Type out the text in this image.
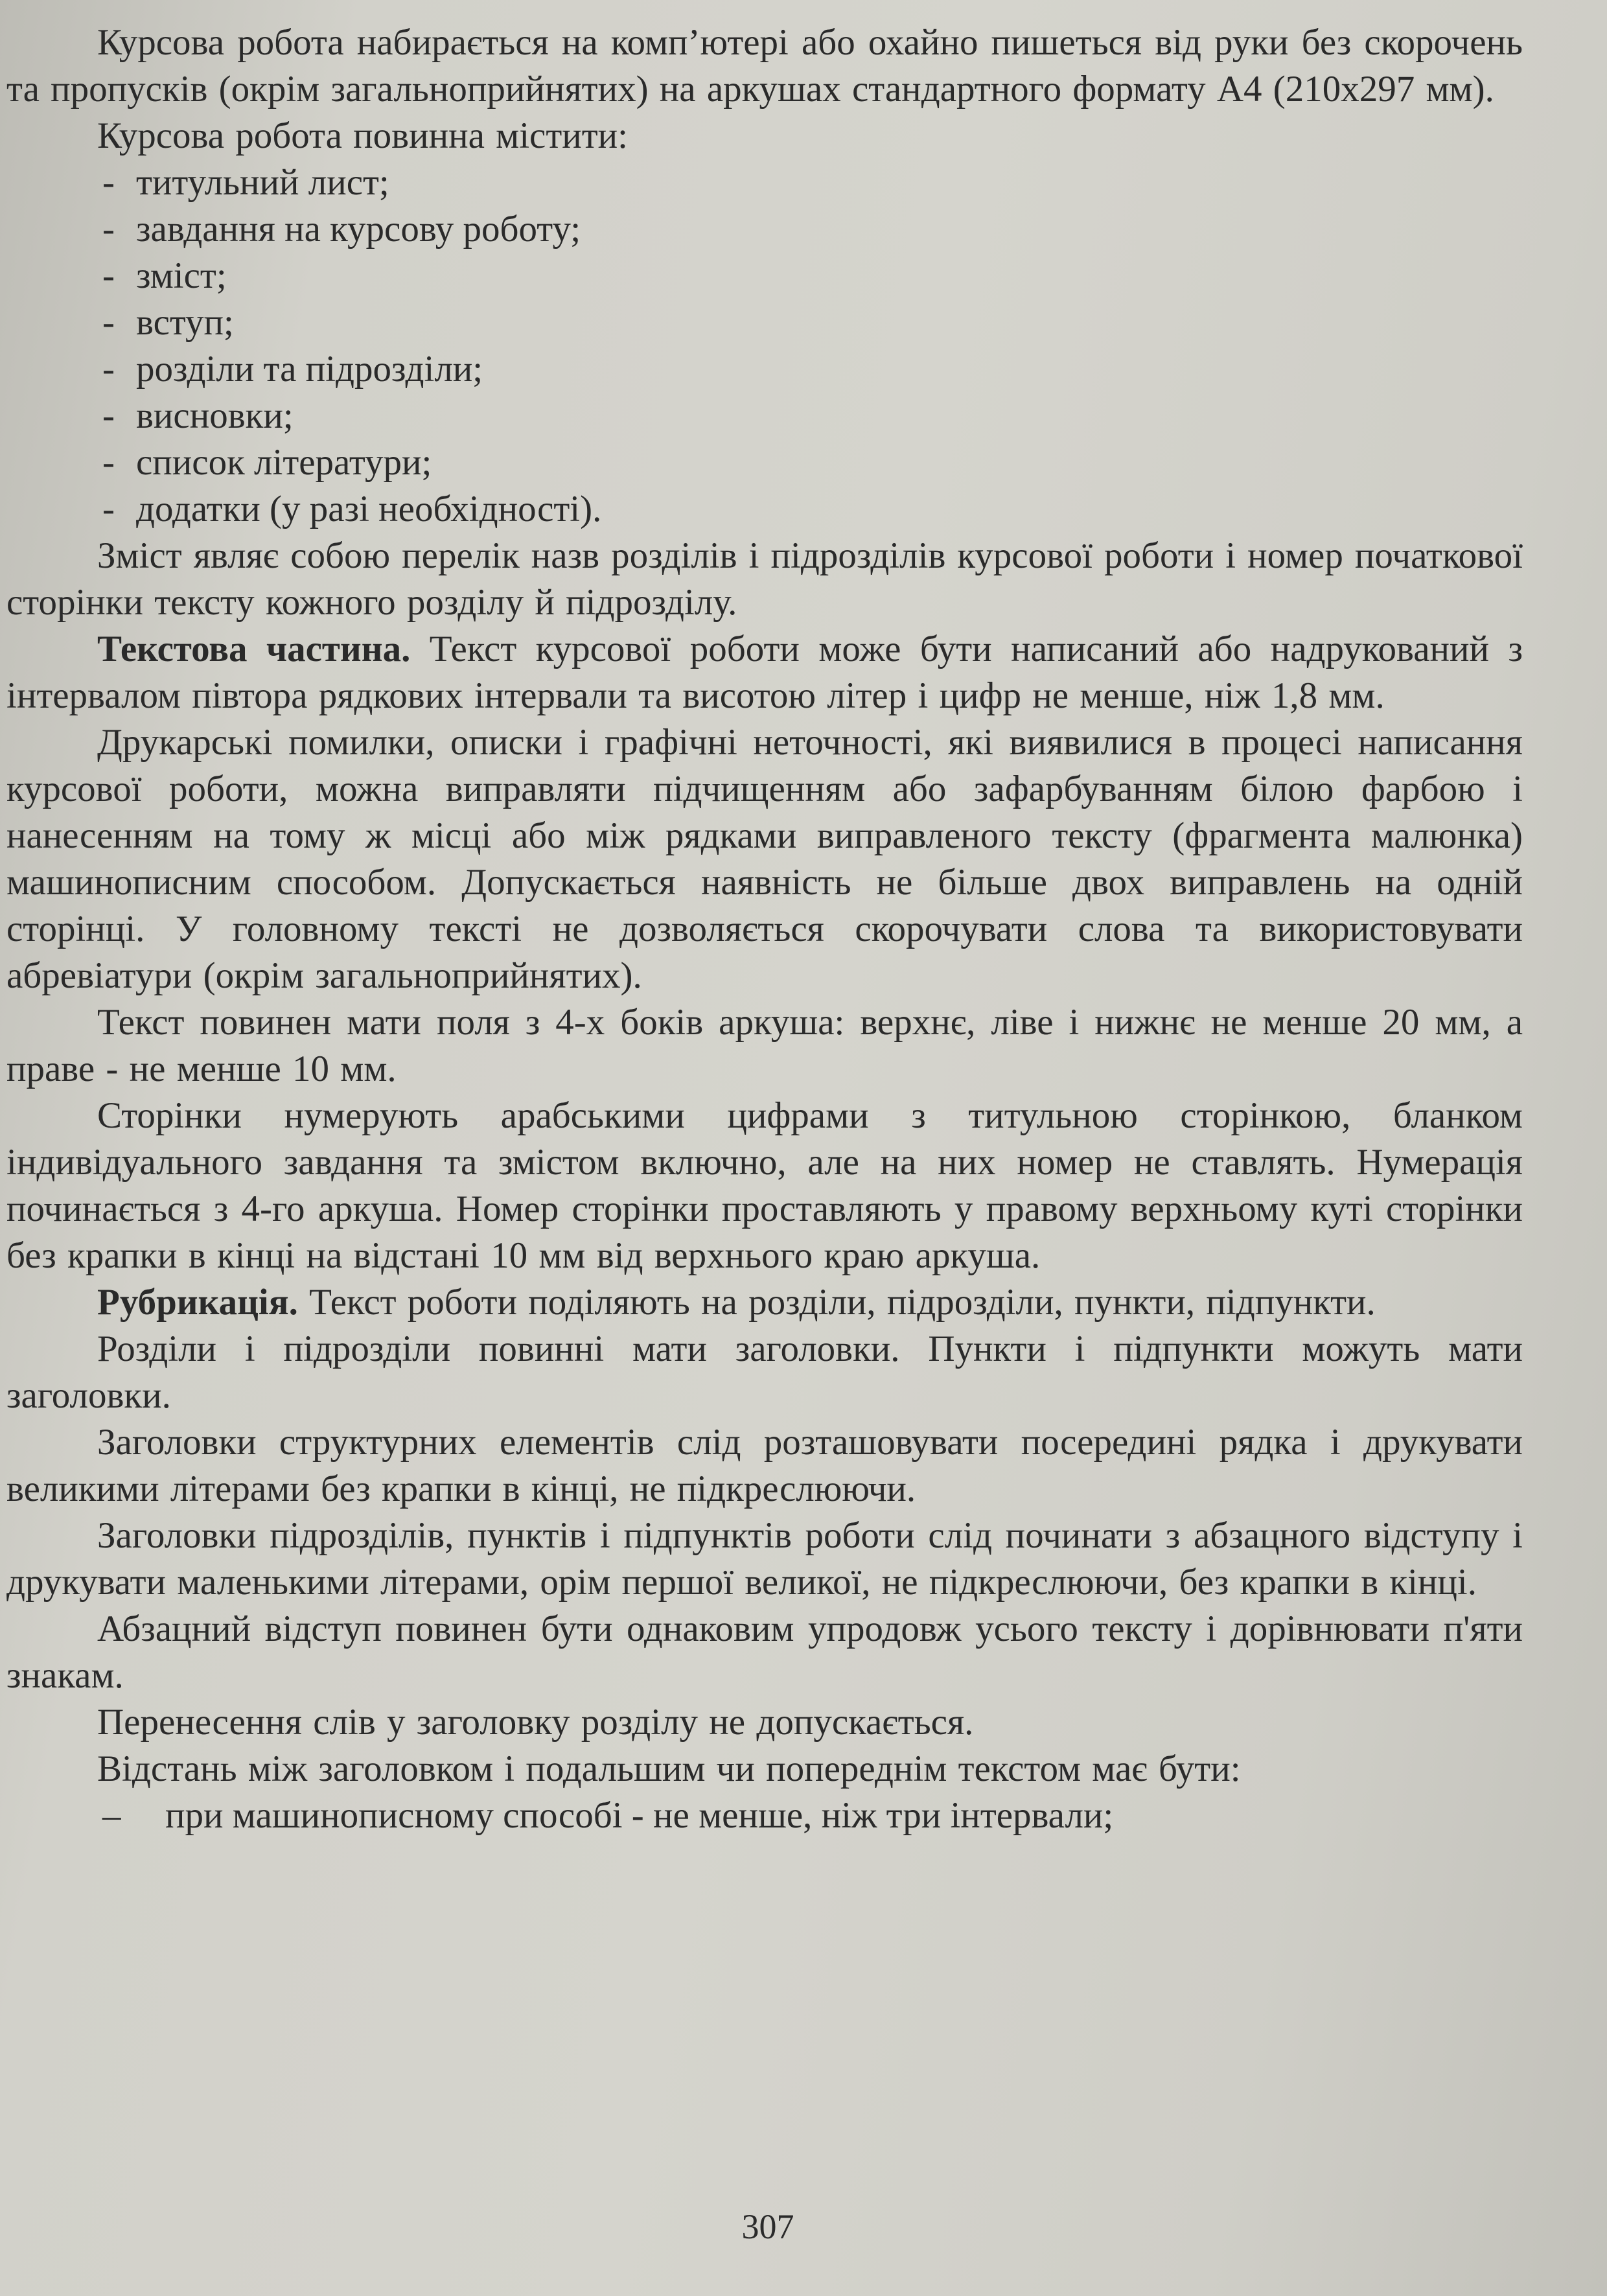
Курсова робота набирається на комп’ютері або охайно пишеться від руки без скорочень та пропусків (окрім загальноприйнятих) на аркушах стандартного формату А4 (210х297 мм).

Курсова робота повинна містити:

- титульний лист;
- завдання на курсову роботу;
- зміст;
- вступ;
- розділи та підрозділи;
- висновки;
- список літератури;
- додатки (у разі необхідності).

Зміст являє собою перелік назв розділів і підрозділів курсової роботи і номер початкової сторінки тексту кожного розділу й підрозділу.

Текстова частина. Текст курсової роботи може бути написаний або надрукований з інтервалом півтора рядкових інтервали та висотою літер і цифр не менше, ніж 1,8 мм.

Друкарські помилки, описки і графічні неточності, які виявилися в процесі написання курсової роботи, можна виправляти підчищенням або зафарбуванням білою фарбою і нанесенням на тому ж місці або між рядками виправленого тексту (фрагмента малюнка) машинописним способом. Допускається наявність не більше двох виправлень на одній сторінці. У головному тексті не дозволяється скорочувати слова та використовувати абревіатури (окрім загальноприйнятих).

Текст повинен мати поля з 4-х боків аркуша: верхнє, ліве і нижнє не менше 20 мм, а праве - не менше 10 мм.

Сторінки нумерують арабськими цифрами з титульною сторінкою, бланком індивідуального завдання та змістом включно, але на них номер не ставлять. Нумерація починається з 4-го аркуша. Номер сторінки проставляють у правому верхньому куті сторінки без крапки в кінці на відстані 10 мм від верхнього краю аркуша.

Рубрикація. Текст роботи поділяють на розділи, підрозділи, пункти, підпункти.

Розділи і підрозділи повинні мати заголовки. Пункти і підпункти можуть мати заголовки.

Заголовки структурних елементів слід розташовувати посередині рядка і друкувати великими літерами без крапки в кінці, не підкреслюючи.

Заголовки підрозділів, пунктів і підпунктів роботи слід починати з абзацного відступу і друкувати маленькими літерами, орім першої великої, не підкреслюючи, без крапки в кінці.

Абзацний відступ повинен бути однаковим упродовж усього тексту і дорівнювати п'яти знакам.

Перенесення слів у заголовку розділу не допускається.

Відстань між заголовком і подальшим чи попереднім текстом має бути:

– при машинописному способі - не менше, ніж три інтервали;
307
